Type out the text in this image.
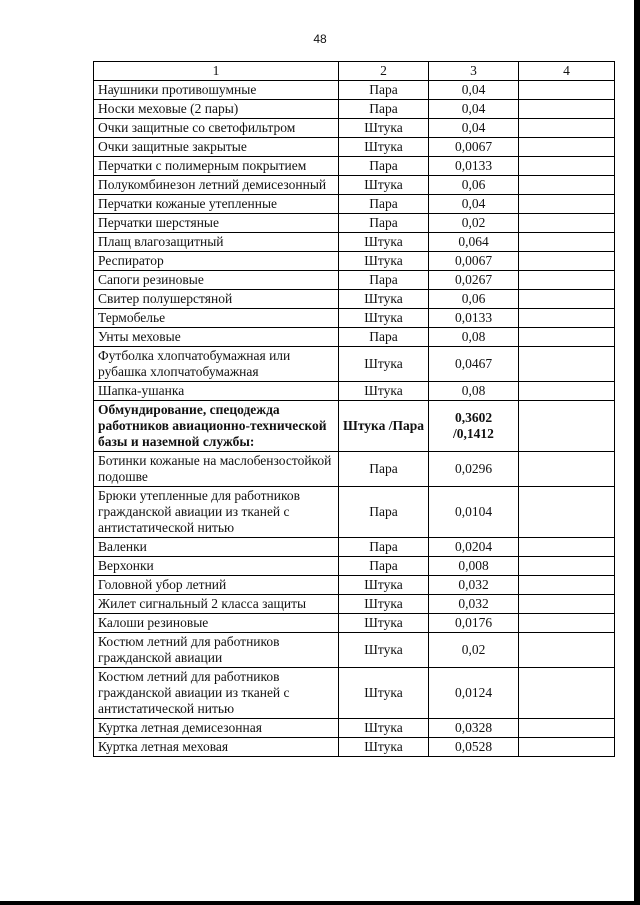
48
1	2	3	4
Наушники противошумные	Пара	0,04	
Носки меховые (2 пары)	Пара	0,04	
Очки защитные со светофильтром	Штука	0,04	
Очки защитные закрытые	Штука	0,0067	
Перчатки с полимерным покрытием	Пара	0,0133	
Полукомбинезон летний демисезонный	Штука	0,06	
Перчатки кожаные утепленные	Пара	0,04	
Перчатки шерстяные	Пара	0,02	
Плащ влагозащитный	Штука	0,064	
Респиратор	Штука	0,0067	
Сапоги резиновые	Пара	0,0267	
Свитер полушерстяной	Штука	0,06	
Термобелье	Штука	0,0133	
Унты меховые	Пара	0,08	
Футболка хлопчатобумажная или рубашка хлопчатобумажная	Штука	0,0467	
Шапка-ушанка	Штука	0,08	
Обмундирование, спецодежда работников авиационно-технической базы и наземной службы:	Штука /Пара	0,3602 /0,1412	
Ботинки кожаные на маслобензостойкой подошве	Пара	0,0296	
Брюки утепленные для работников гражданской авиации из тканей с антистатической нитью	Пара	0,0104	
Валенки	Пара	0,0204	
Верхонки	Пара	0,008	
Головной убор летний	Штука	0,032	
Жилет сигнальный 2 класса защиты	Штука	0,032	
Калоши резиновые	Штука	0,0176	
Костюм летний для работников гражданской авиации	Штука	0,02	
Костюм летний для работников гражданской авиации из тканей с антистатической нитью	Штука	0,0124	
Куртка летная демисезонная	Штука	0,0328	
Куртка летная меховая	Штука	0,0528	
